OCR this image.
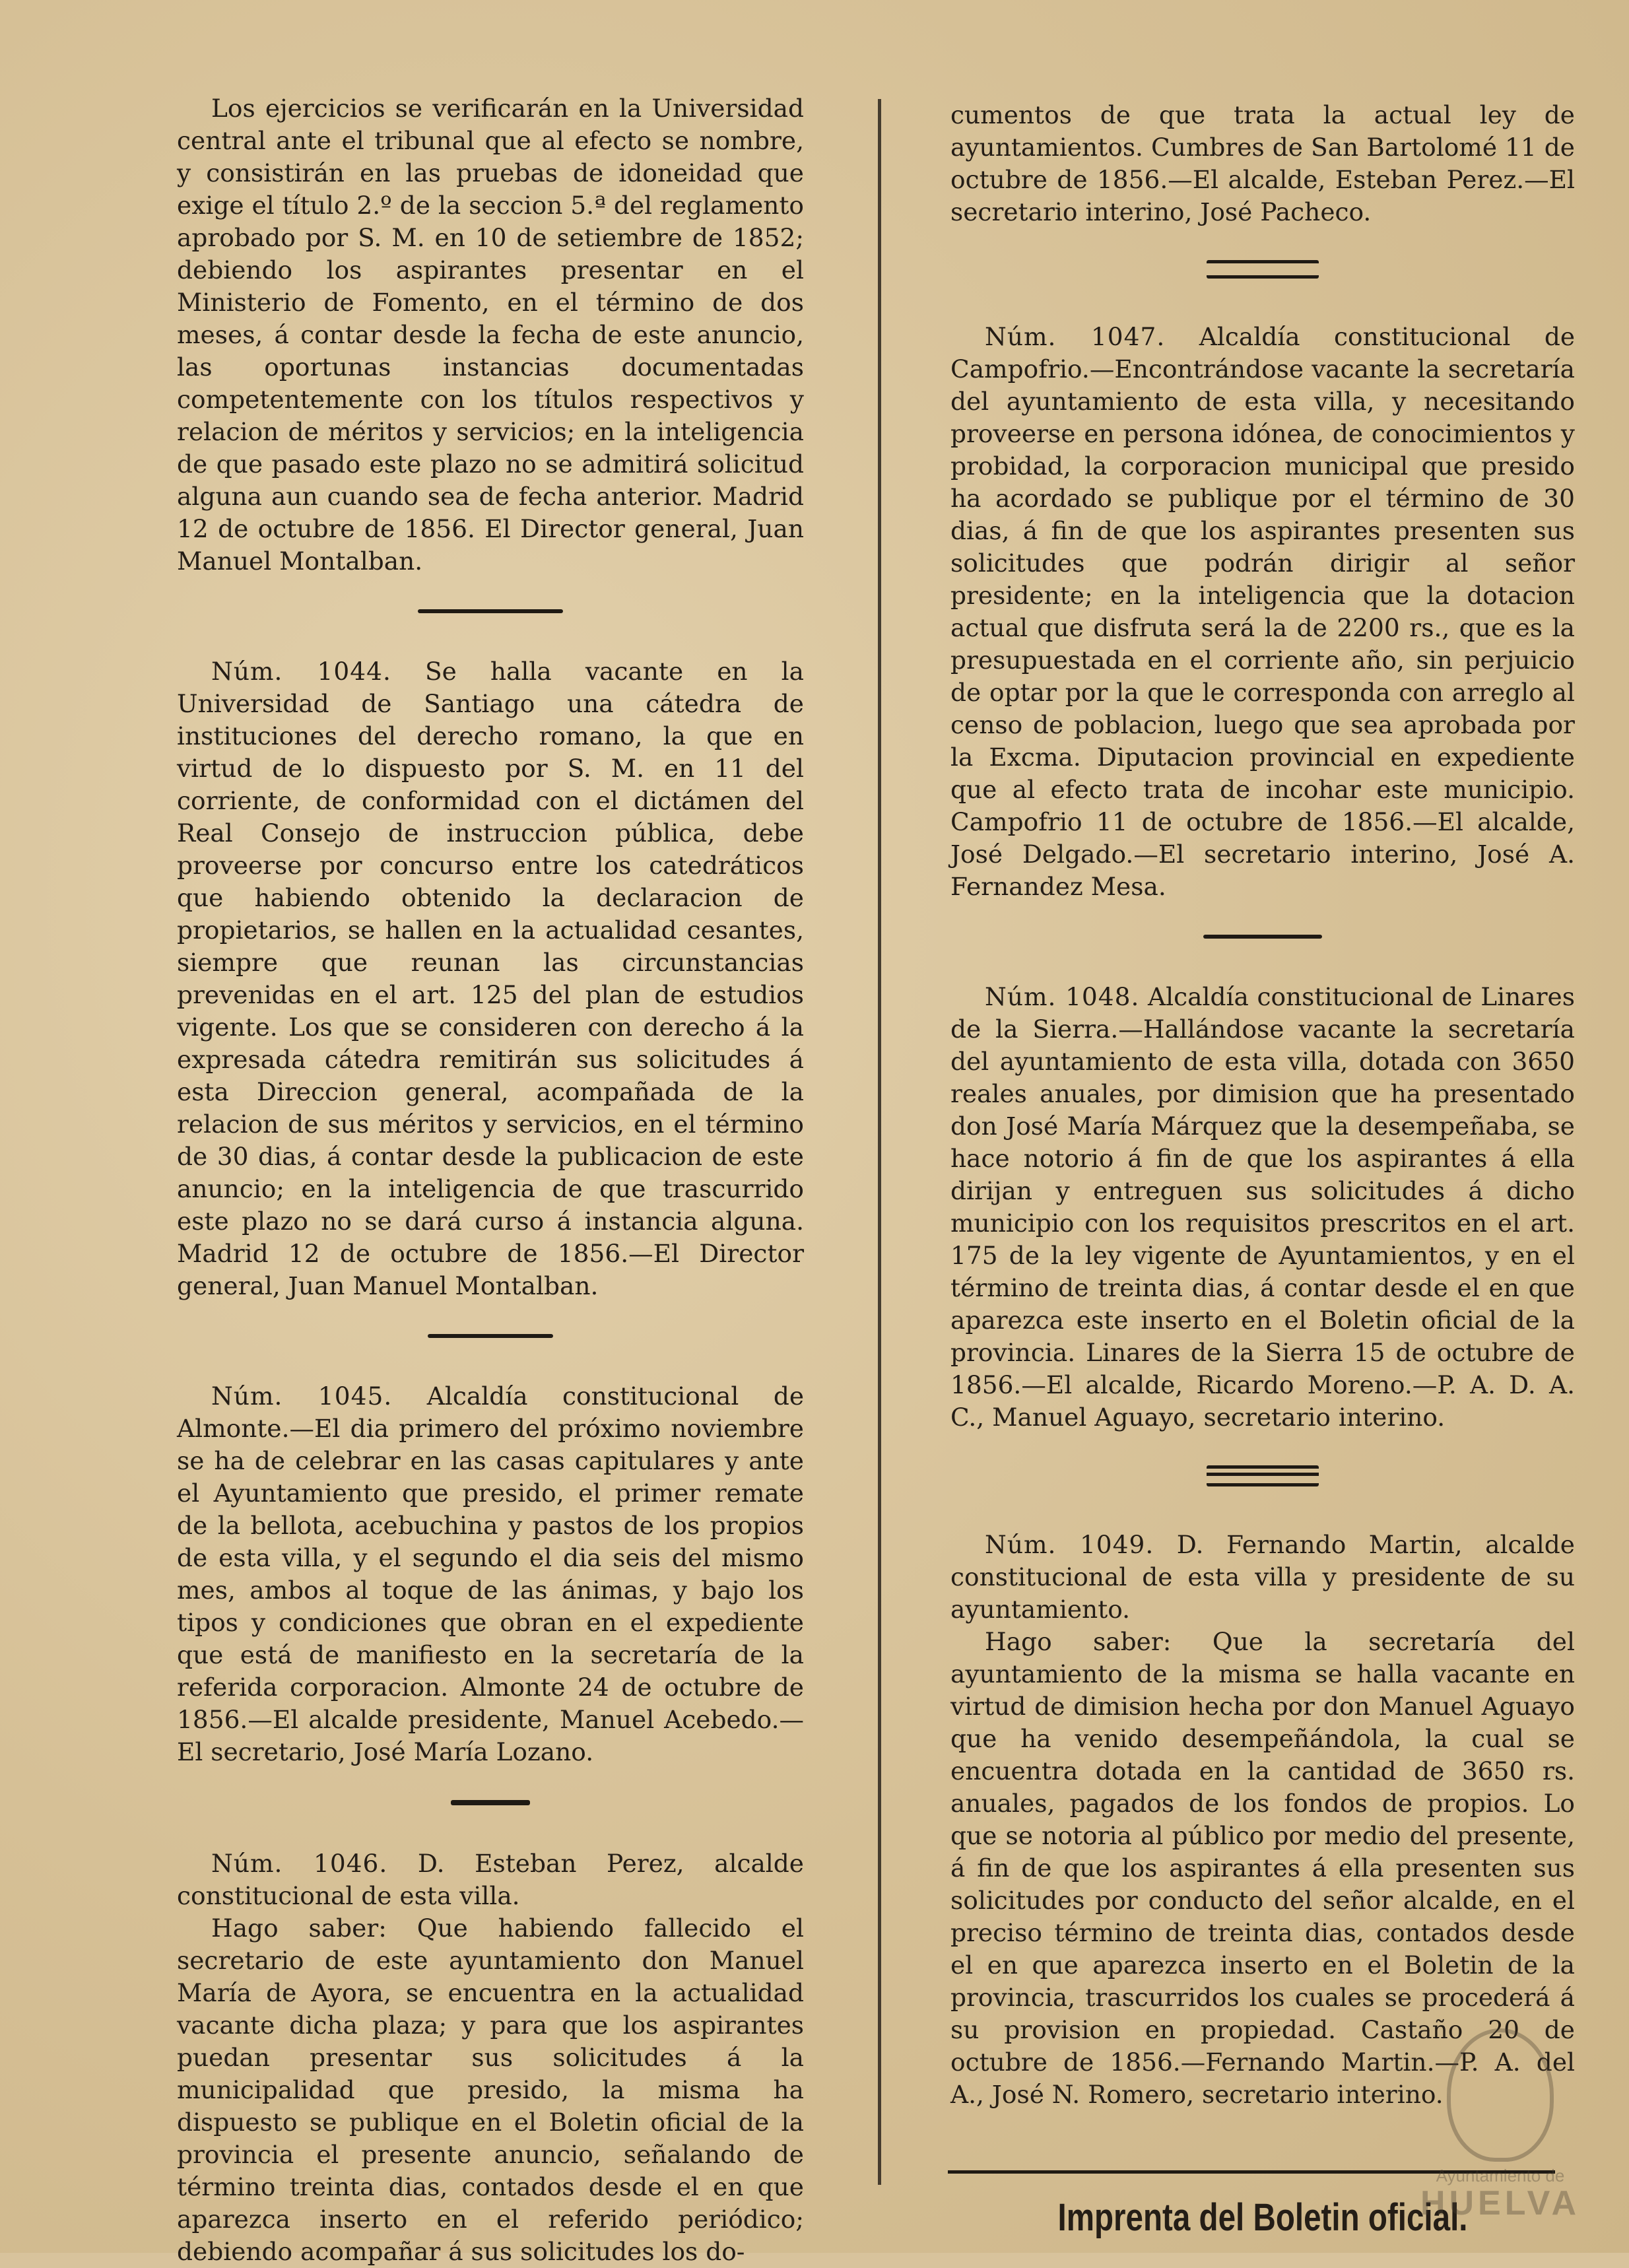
Los ejercicios se verificarán en la Universidad central ante el tribunal que al efecto se nombre, y consistirán en las pruebas de idoneidad que exige el título 2.º de la seccion 5.ª del reglamento aprobado por S. M. en 10 de setiembre de 1852; debiendo los aspirantes presentar en el Ministerio de Fomento, en el término de dos meses, á contar desde la fecha de este anuncio, las oportunas instancias documentadas competentemente con los títulos respectivos y relacion de méritos y servicios; en la inteligencia de que pasado este plazo no se admitirá solicitud alguna aun cuando sea de fecha anterior. Madrid 12 de octubre de 1856. El Director general, Juan Manuel Montalban.

Núm. 1044. Se halla vacante en la Universidad de Santiago una cátedra de instituciones del derecho romano, la que en virtud de lo dispuesto por S. M. en 11 del corriente, de conformidad con el dictámen del Real Consejo de instruccion pública, debe proveerse por concurso entre los catedráticos que habiendo obtenido la declaracion de propietarios, se hallen en la actualidad cesantes, siempre que reunan las circunstancias prevenidas en el art. 125 del plan de estudios vigente. Los que se consideren con derecho á la expresada cátedra remitirán sus solicitudes á esta Direccion general, acompañada de la relacion de sus méritos y servicios, en el término de 30 dias, á contar desde la publicacion de este anuncio; en la inteligencia de que trascurrido este plazo no se dará curso á instancia alguna. Madrid 12 de octubre de 1856.—El Director general, Juan Manuel Montalban.

Núm. 1045. Alcaldía constitucional de Almonte.—El dia primero del próximo noviembre se ha de celebrar en las casas capitulares y ante el Ayuntamiento que presido, el primer remate de la bellota, acebuchina y pastos de los propios de esta villa, y el segundo el dia seis del mismo mes, ambos al toque de las ánimas, y bajo los tipos y condiciones que obran en el expediente que está de manifiesto en la secretaría de la referida corporacion. Almonte 24 de octubre de 1856.—El alcalde presidente, Manuel Acebedo.—El secretario, José María Lozano.

Núm. 1046. D. Esteban Perez, alcalde constitucional de esta villa.

Hago saber: Que habiendo fallecido el secretario de este ayuntamiento don Manuel María de Ayora, se encuentra en la actualidad vacante dicha plaza; y para que los aspirantes puedan presentar sus solicitudes á la municipalidad que presido, la misma ha dispuesto se publique en el Boletin oficial de la provincia el presente anuncio, señalando de término treinta dias, contados desde el en que aparezca inserto en el referido periódico; debiendo acompañar á sus solicitudes los do-

cumentos de que trata la actual ley de ayuntamientos. Cumbres de San Bartolomé 11 de octubre de 1856.—El alcalde, Esteban Perez.—El secretario interino, José Pacheco.

Núm. 1047. Alcaldía constitucional de Campofrio.—Encontrándose vacante la secretaría del ayuntamiento de esta villa, y necesitando proveerse en persona idónea, de conocimientos y probidad, la corporacion municipal que presido ha acordado se publique por el término de 30 dias, á fin de que los aspirantes presenten sus solicitudes que podrán dirigir al señor presidente; en la inteligencia que la dotacion actual que disfruta será la de 2200 rs., que es la presupuestada en el corriente año, sin perjuicio de optar por la que le corresponda con arreglo al censo de poblacion, luego que sea aprobada por la Excma. Diputacion provincial en expediente que al efecto trata de incohar este municipio. Campofrio 11 de octubre de 1856.—El alcalde, José Delgado.—El secretario interino, José A. Fernandez Mesa.

Núm. 1048. Alcaldía constitucional de Linares de la Sierra.—Hallándose vacante la secretaría del ayuntamiento de esta villa, dotada con 3650 reales anuales, por dimision que ha presentado don José María Márquez que la desempeñaba, se hace notorio á fin de que los aspirantes á ella dirijan y entreguen sus solicitudes á dicho municipio con los requisitos prescritos en el art. 175 de la ley vigente de Ayuntamientos, y en el término de treinta dias, á contar desde el en que aparezca este inserto en el Boletin oficial de la provincia. Linares de la Sierra 15 de octubre de 1856.—El alcalde, Ricardo Moreno.—P. A. D. A. C., Manuel Aguayo, secretario interino.

Núm. 1049. D. Fernando Martin, alcalde constitucional de esta villa y presidente de su ayuntamiento.

Hago saber: Que la secretaría del ayuntamiento de la misma se halla vacante en virtud de dimision hecha por don Manuel Aguayo que ha venido desempeñándola, la cual se encuentra dotada en la cantidad de 3650 rs. anuales, pagados de los fondos de propios. Lo que se notoria al público por medio del presente, á fin de que los aspirantes á ella presenten sus solicitudes por conducto del señor alcalde, en el preciso término de treinta dias, contados desde el en que aparezca inserto en el Boletin de la provincia, trascurridos los cuales se procederá á su provision en propiedad. Castaño 20 de octubre de 1856.—Fernando Martin.—P. A. del A., José N. Romero, secretario interino.

Imprenta del Boletin oficial.
Ayuntamiento de
HUELVA
